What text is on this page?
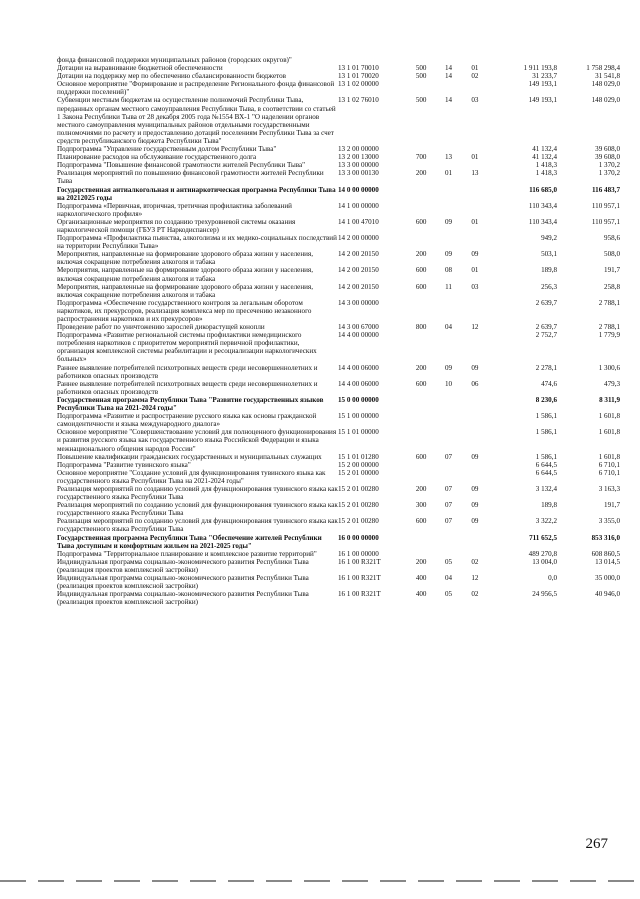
фонда финансовой поддержки муниципальных районов (городских округов)"						
Дотации на выравнивание бюджетной обеспеченности	13 1 01 70010	500	14	01	1 911 193,8	1 758 298,4
Дотации на поддержку мер по обеспечению сбалансированности бюджетов	13 1 01 70020	500	14	02	31 233,7	31 541,8
Основное мероприятие "Формирование и распределение Регионального фонда финансовой поддержки поселений)"	13 1 02 00000				149 193,1	148 029,0
Субвенции местным бюджетам на осуществление полномочий Республики Тыва, переданных органам местного самоуправления Республики Тыва, в соответствии со статьей 1 Закона Республики Тыва от 28 декабря 2005 года №1554 ВХ-1 "О наделении органов местного самоуправления муниципальных районов отдельными государственными полномочиями по расчету и предоставлению дотаций поселениям Республики Тыва за счет средств республиканского бюджета Республики Тыва"	13 1 02 76010	500	14	03	149 193,1	148 029,0
Подпрограмма "Управление государственным долгом Республики Тыва"	13 2 00 00000				41 132,4	39 608,0
Планирование расходов на обслуживание государственного долга	13 2 00 13000	700	13	01	41 132,4	39 608,0
Подпрограмма "Повышение финансовой грамотности жителей Республики Тыва"	13 3 00 00000				1 418,3	1 370,2
Реализация мероприятий по повышению финансовой грамотности жителей Республики Тыва	13 3 00 00130	200	01	13	1 418,3	1 370,2
Государственная антиалкогольная и антинаркотическая программа Республики Тыва на 20212025 годы	14 0 00 00000				116 685,0	116 483,7
Подпрограмма «Первичная, вторичная, третичная профилактика заболеваний наркологического профиля»	14 1 00 00000				110 343,4	110 957,1
Организационные мероприятия по созданию трехуровневой системы оказания наркологической помощи (ГБУЗ РТ Наркодиспансер)	14 1 00 47010	600	09	01	110 343,4	110 957,1
Подпрограмма «Профилактика пьянства, алкоголизма и их медико-социальных последствий на территории Республики Тыва»	14 2 00 00000				949,2	958,6
Мероприятия, направленные на формирование здорового образа жизни у населения, включая сокращение потребления алкоголя и табака	14 2 00 20150	200	09	09	503,1	508,0
Мероприятия, направленные на формирование здорового образа жизни у населения, включая сокращение потребления алкоголя и табака	14 2 00 20150	600	08	01	189,8	191,7
Мероприятия, направленные на формирование здорового образа жизни у населения, включая сокращение потребления алкоголя и табака	14 2 00 20150	600	11	03	256,3	258,8
Подпрограмма «Обеспечение государственного контроля за легальным оборотом наркотиков, их прекурсоров, реализация комплекса мер по пресечению незаконного распространения наркотиков и их прекурсоров»	14 3 00 00000				2 639,7	2 788,1
Проведение работ по уничтожению зарослей дикорастущей конопли	14 3 00 67000	800	04	12	2 639,7	2 788,1
Подпрограмма «Развитие региональной системы профилактики немедицинского потребления наркотиков с приоритетом мероприятий первичной профилактики, организация комплексной системы реабилитации и ресоциализации наркологических больных»	14 4 00 00000				2 752,7	1 779,9
Раннее выявление потребителей психотропных веществ среди несовершеннолетних и работников опасных производств	14 4 00 06000	200	09	09	2 278,1	1 300,6
Раннее выявление потребителей психотропных веществ среди несовершеннолетних и работников опасных производств	14 4 00 06000	600	10	06	474,6	479,3
Государственная программа Республики Тыва "Развитие государственных языков Республики Тыва на 2021-2024 годы"	15 0 00 00000				8 230,6	8 311,9
Подпрограмма «Развитие и распространение русского языка как основы гражданской самоидентичности и языка международного диалога»	15 1 00 00000				1 586,1	1 601,8
Основное мероприятие "Совершенствование условий для полноценного функционирования и развития русского языка как государственного языка Российской Федерации и языка межнационального общения народов России"	15 1 01 00000				1 586,1	1 601,8
Повышение квалификации гражданских государственных и муниципальных служащих	15 1 01 01280	600	07	09	1 586,1	1 601,8
Подпрограмма "Развитие тувинского языка"	15 2 00 00000				6 644,5	6 710,1
Основное мероприятие "Создание условий для функционирования тувинского языка как государственного языка Республики Тыва на 2021-2024 годы"	15 2 01 00000				6 644,5	6 710,1
Реализация мероприятий по созданию условий для функционирования тувинского языка как государственного языка Республики Тыва	15 2 01 00280	200	07	09	3 132,4	3 163,3
Реализация мероприятий по созданию условий для функционирования тувинского языка как государственного языка Республики Тыва	15 2 01 00280	300	07	09	189,8	191,7
Реализация мероприятий по созданию условий для функционирования тувинского языка как государственного языка Республики Тыва	15 2 01 00280	600	07	09	3 322,2	3 355,0
Государственная программа Республики Тыва "Обеспечение жителей Республики Тыва доступным и комфортным жильем на 2021-2025 годы"	16 0 00 00000				711 652,5	853 316,0
Подпрограмма "Территориальное планирование и комплексное развитие территорий"	16 1 00 00000				489 270,8	608 860,5
Индивидуальная программа социально-экономического развития Республики Тыва (реализация проектов комплексной застройки)	16 1 00 R321T	200	05	02	13 004,0	13 014,5
Индивидуальная программа социально-экономического развития Республики Тыва (реализация проектов комплексной застройки)	16 1 00 R321T	400	04	12	0,0	35 000,0
Индивидуальная программа социально-экономического развития Республики Тыва (реализация проектов комплексной застройки)	16 1 00 R321T	400	05	02	24 956,5	40 946,0
267
